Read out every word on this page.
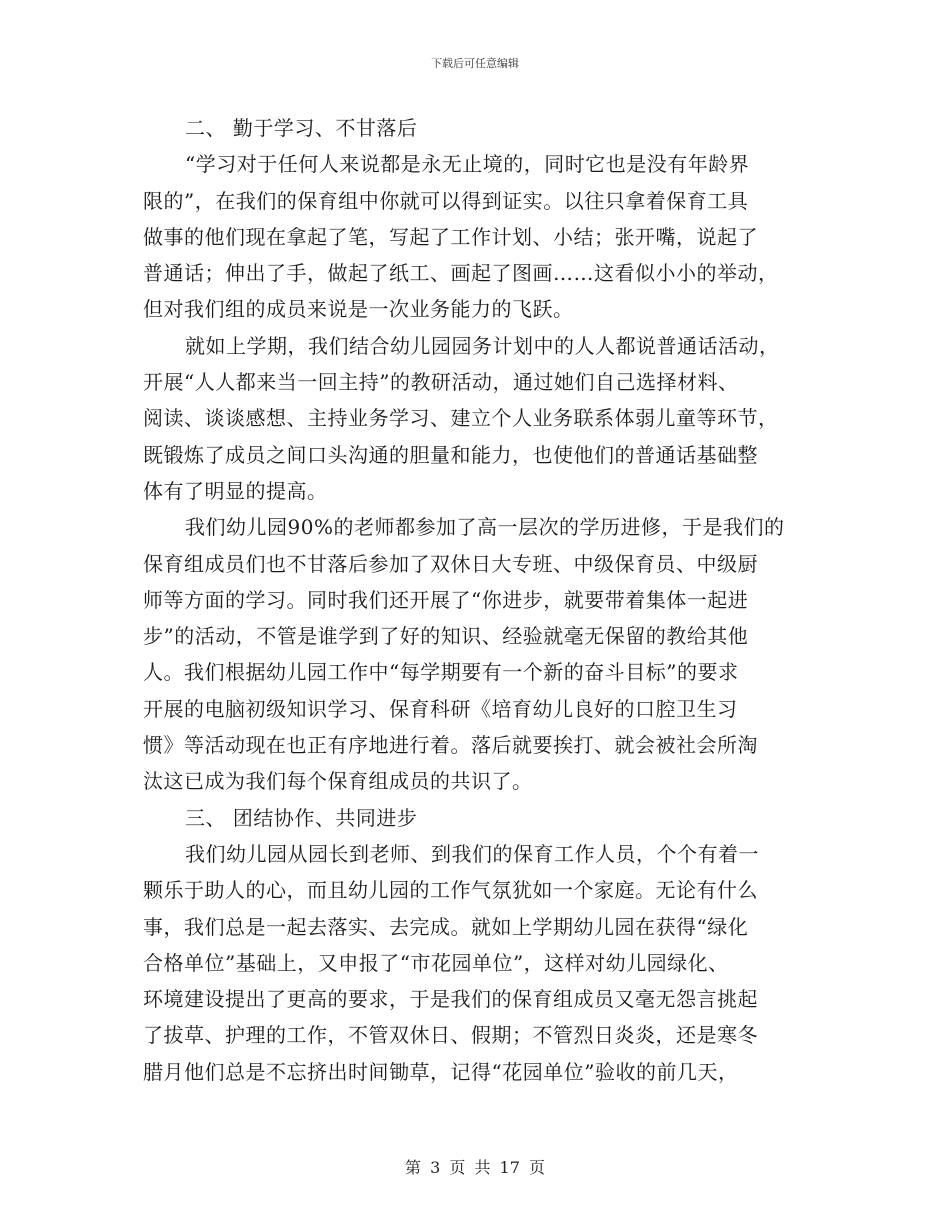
下载后可任意编辑
二、 勤于学习、不甘落后
“学习对于任何人来说都是永无止境的，同时它也是没有年龄界
限的”，在我们的保育组中你就可以得到证实。以往只拿着保育工具
做事的他们现在拿起了笔，写起了工作计划、小结；张开嘴，说起了
普通话；伸出了手，做起了纸工、画起了图画……这看似小小的举动，
但对我们组的成员来说是一次业务能力的飞跃。
就如上学期，我们结合幼儿园园务计划中的人人都说普通话活动，
开展“人人都来当一回主持”的教研活动，通过她们自己选择材料、
阅读、谈谈感想、主持业务学习、建立个人业务联系体弱儿童等环节，
既锻炼了成员之间口头沟通的胆量和能力，也使他们的普通话基础整
体有了明显的提高。
我们幼儿园90%的老师都参加了高一层次的学历进修，于是我们的
保育组成员们也不甘落后参加了双休日大专班、中级保育员、中级厨
师等方面的学习。同时我们还开展了“你进步，就要带着集体一起进
步”的活动，不管是谁学到了好的知识、经验就毫无保留的教给其他
人。我们根据幼儿园工作中“每学期要有一个新的奋斗目标”的要求
开展的电脑初级知识学习、保育科研《培育幼儿良好的口腔卫生习
惯》等活动现在也正有序地进行着。落后就要挨打、就会被社会所淘
汰这已成为我们每个保育组成员的共识了。
三、 团结协作、共同进步
我们幼儿园从园长到老师、到我们的保育工作人员，个个有着一
颗乐于助人的心，而且幼儿园的工作气氛犹如一个家庭。无论有什么
事，我们总是一起去落实、去完成。就如上学期幼儿园在获得“绿化
合格单位”基础上，又申报了“市花园单位”，这样对幼儿园绿化、
环境建设提出了更高的要求，于是我们的保育组成员又毫无怨言挑起
了拔草、护理的工作，不管双休日、假期；不管烈日炎炎，还是寒冬
腊月他们总是不忘挤出时间锄草，记得“花园单位”验收的前几天，
第 3 页 共 17 页
